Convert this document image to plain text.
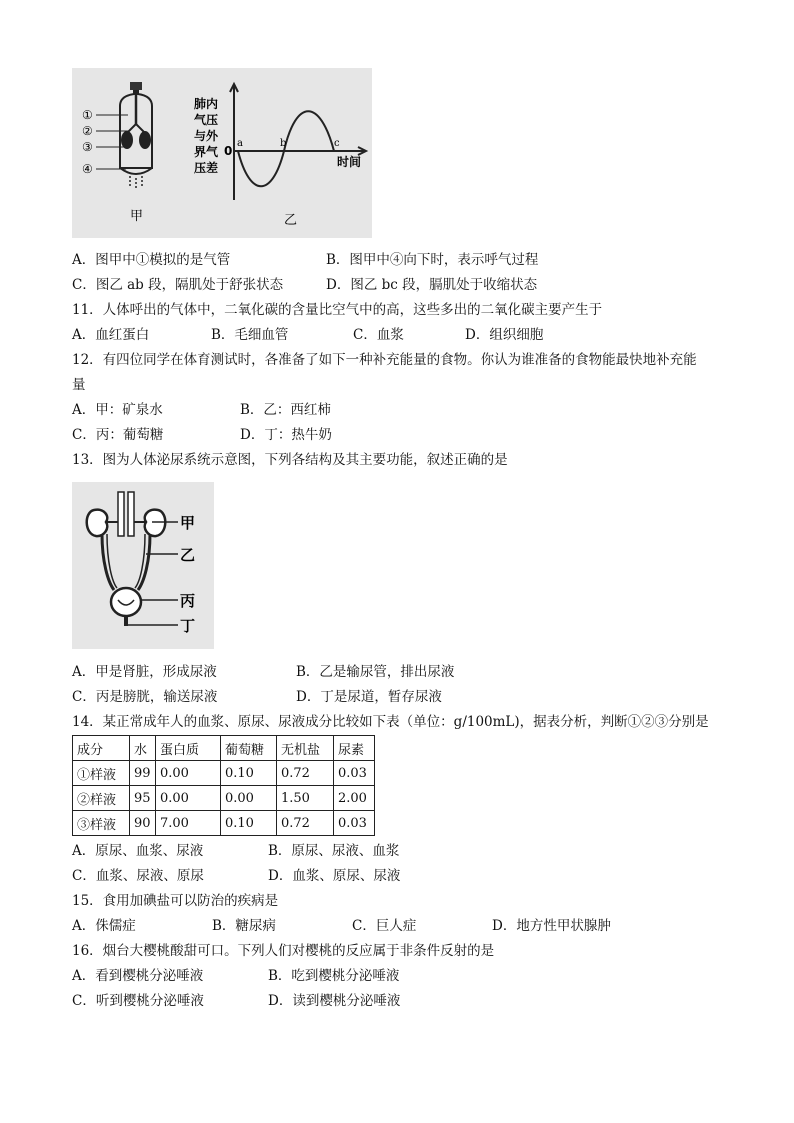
①
②
③
④
肺内
气压
与外
界气
压差
0
时间
a	b	c
甲	乙
A．图甲中①模拟的是气管	B．图甲中④向下时，表示呼气过程
C．图乙 ab 段，隔肌处于舒张状态	D．图乙 bc 段，膈肌处于收缩状态
11．人体呼出的气体中，二氧化碳的含量比空气中的高，这些多出的二氧化碳主要产生于
A．血红蛋白	B．毛细血管	C．血浆	D．组织细胞
12．有四位同学在体育测试时，各准备了如下一种补充能量的食物。你认为谁准备的食物能最快地补充能
量
A．甲：矿泉水	B．乙：西红柿
C．丙：葡萄糖	D．丁：热牛奶
13．图为人体泌尿系统示意图，下列各结构及其主要功能，叙述正确的是
甲
乙
丙
丁
A．甲是肾脏，形成尿液	B．乙是输尿管，排出尿液
C．丙是膀胱，输送尿液	D．丁是尿道，暂存尿液
14．某正常成年人的血浆、原尿、尿液成分比较如下表（单位：g/100mL)，据表分析，判断①②③分别是
成分	水	蛋白质	葡萄糖	无机盐	尿素
①样液	99	0.00	0.10	0.72	0.03
②样液	95	0.00	0.00	1.50	2.00
③样液	90	7.00	0.10	0.72	0.03
A．原尿、血浆、尿液	B．原尿、尿液、血浆
C．血浆、尿液、原尿	D．血浆、原尿、尿液
15．食用加碘盐可以防治的疾病是
A．侏儒症	B．糖尿病	C．巨人症	D．地方性甲状腺肿
16．烟台大樱桃酸甜可口。下列人们对樱桃的反应属于非条件反射的是
A．看到樱桃分泌唾液	B．吃到樱桃分泌唾液
C．听到樱桃分泌唾液	D．读到樱桃分泌唾液
